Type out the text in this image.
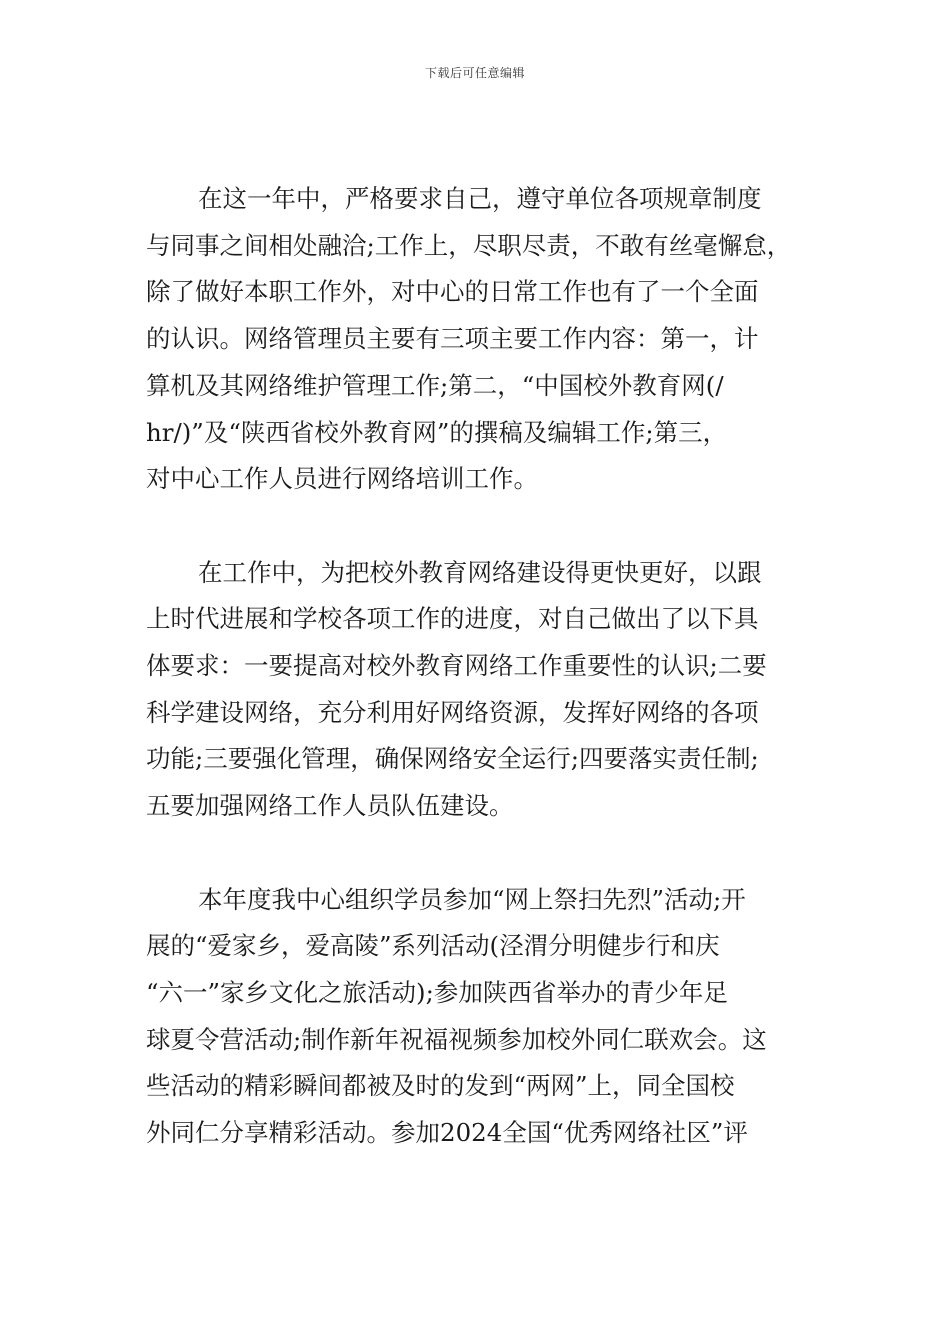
下载后可任意编辑
在这一年中，严格要求自己，遵守单位各项规章制度
与同事之间相处融洽;工作上，尽职尽责，不敢有丝毫懈怠，
除了做好本职工作外，对中心的日常工作也有了一个全面
的认识。网络管理员主要有三项主要工作内容：第一，计
算机及其网络维护管理工作;第二，“中国校外教育网(/
hr/)”及“陕西省校外教育网”的撰稿及编辑工作;第三，
对中心工作人员进行网络培训工作。
在工作中，为把校外教育网络建设得更快更好，以跟
上时代进展和学校各项工作的进度，对自己做出了以下具
体要求：一要提高对校外教育网络工作重要性的认识;二要
科学建设网络，充分利用好网络资源，发挥好网络的各项
功能;三要强化管理，确保网络安全运行;四要落实责任制;
五要加强网络工作人员队伍建设。
本年度我中心组织学员参加“网上祭扫先烈”活动;开
展的“爱家乡，爱高陵”系列活动(泾渭分明健步行和庆
“六一”家乡文化之旅活动);参加陕西省举办的青少年足
球夏令营活动;制作新年祝福视频参加校外同仁联欢会。这
些活动的精彩瞬间都被及时的发到“两网”上，同全国校
外同仁分享精彩活动。参加2024全国“优秀网络社区”评
